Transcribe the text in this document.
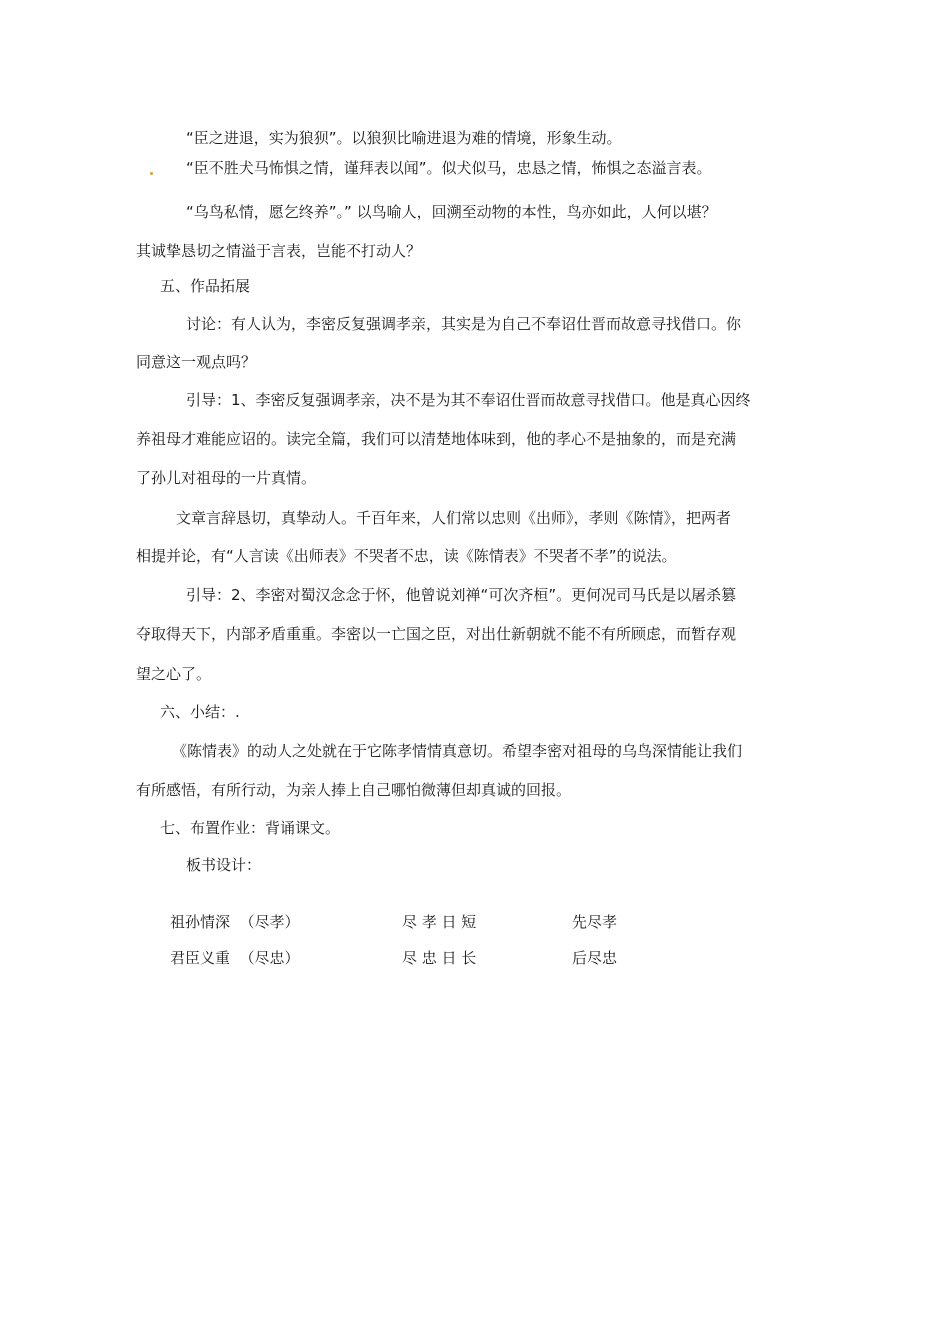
“臣之进退，实为狼狈”。以狼狈比喻进退为难的情境，形象生动。
“臣不胜犬马怖惧之情，谨拜表以闻”。似犬似马，忠恳之情，怖惧之态溢言表。
“乌鸟私情，愿乞终养”。” 以鸟喻人，回溯至动物的本性，鸟亦如此，人何以堪？
其诚挚恳切之情溢于言表，岂能不打动人？
五、作品拓展
讨论：有人认为，李密反复强调孝亲，其实是为自己不奉诏仕晋而故意寻找借口。你
同意这一观点吗？
引导：1、李密反复强调孝亲，决不是为其不奉诏仕晋而故意寻找借口。他是真心因终
养祖母才难能应诏的。读完全篇，我们可以清楚地体味到，他的孝心不是抽象的，而是充满
了孙儿对祖母的一片真情。
文章言辞恳切，真挚动人。千百年来，人们常以忠则《出师》，孝则《陈情》，把两者
相提并论，有“人言读《出师表》不哭者不忠，读《陈情表》不哭者不孝”的说法。
引导：2、李密对蜀汉念念于怀，他曾说刘禅“可次齐桓”。更何况司马氏是以屠杀篡
夺取得天下，内部矛盾重重。李密以一亡国之臣，对出仕新朝就不能不有所顾虑，而暂存观
望之心了。
六、小结：.
《陈情表》的动人之处就在于它陈孝情情真意切。希望李密对祖母的乌鸟深情能让我们
有所感悟，有所行动，为亲人捧上自己哪怕微薄但却真诚的回报。
七、布置作业：背诵课文。
板书设计：
祖孙情深  （尽孝）	尽 孝 日 短	先尽孝
君臣义重  （尽忠）	尽 忠 日 长	后尽忠
